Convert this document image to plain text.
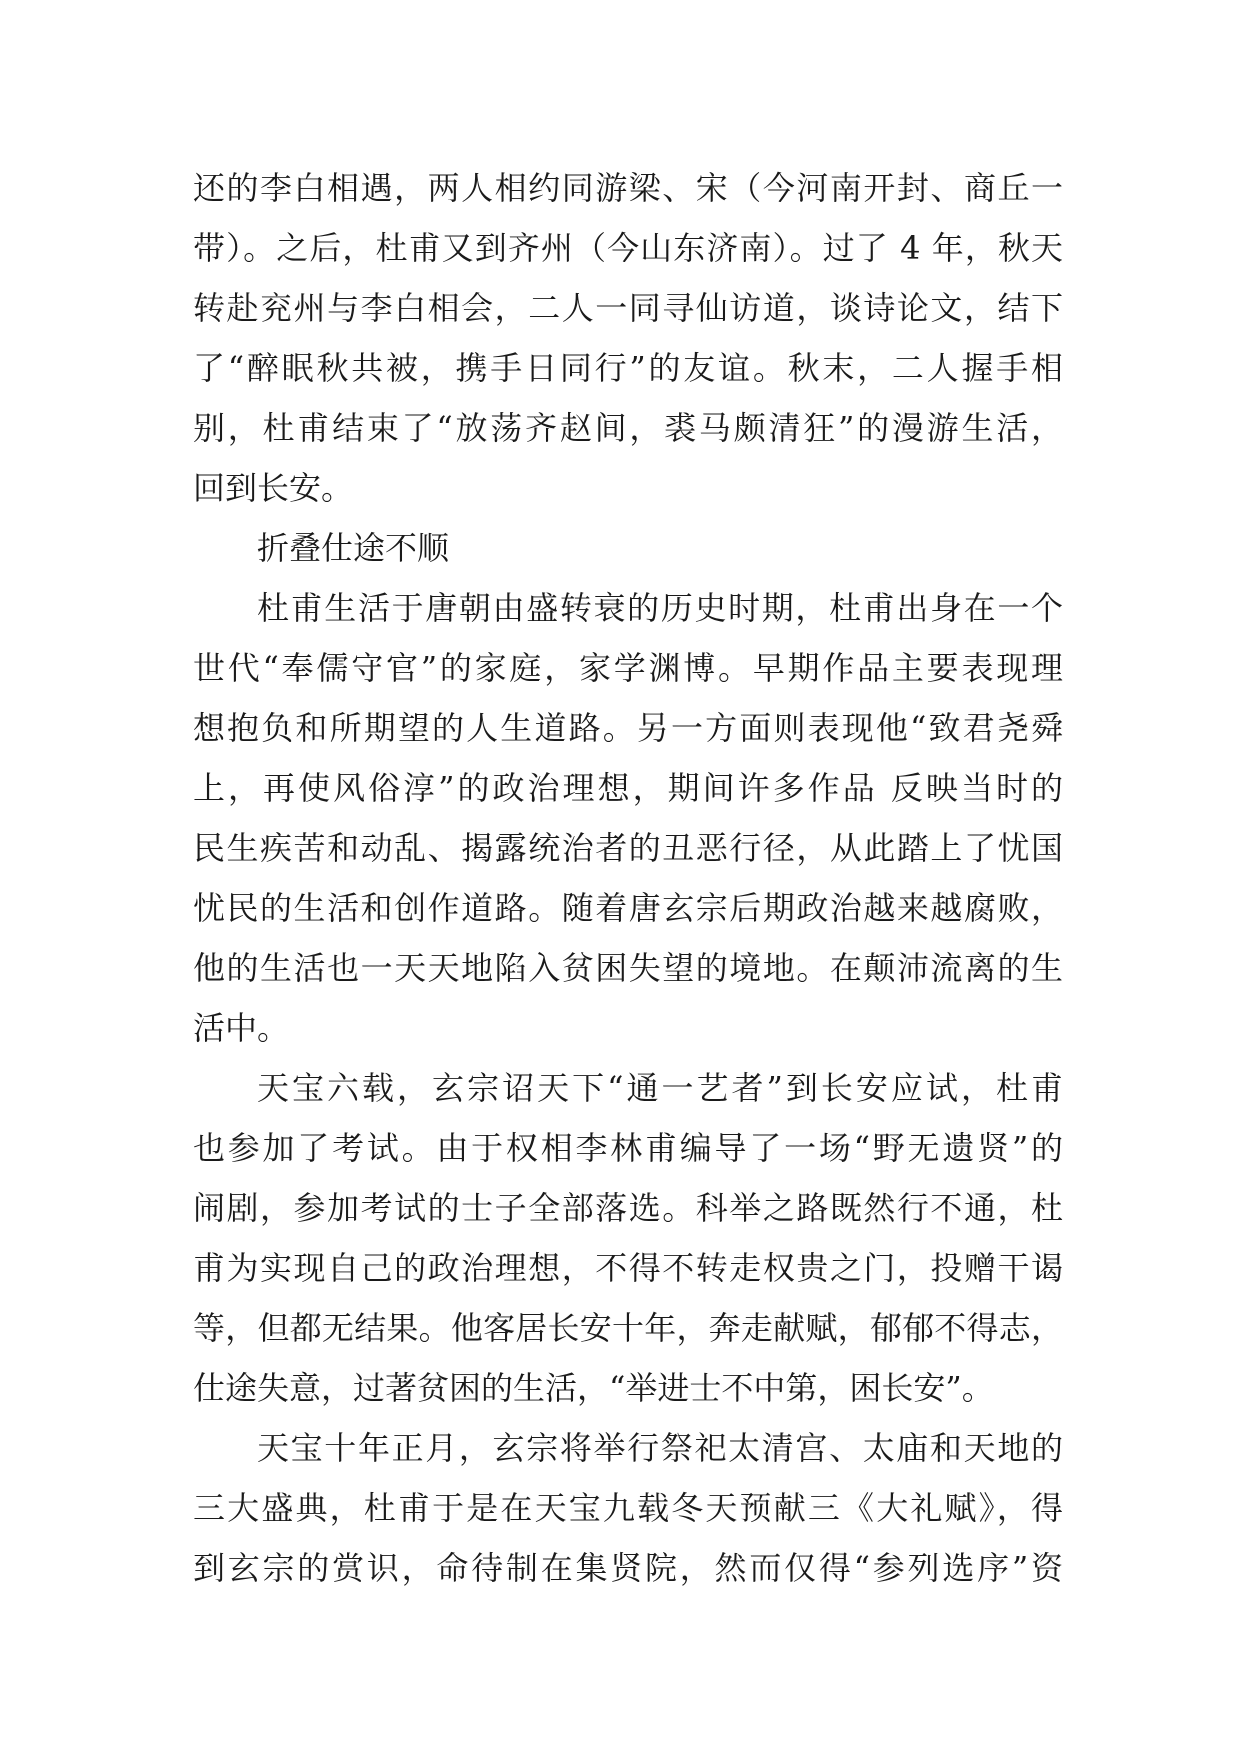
还的李白相遇，两人相约同游梁、宋（今河南开封、商丘一
带）。之后，杜甫又到齐州（今山东济南）。过了 4 年，秋天
转赴兖州与李白相会，二人一同寻仙访道，谈诗论文，结下
了“醉眠秋共被，携手日同行”的友谊。秋末，二人握手相
别，杜甫结束了“放荡齐赵间，裘马颇清狂”的漫游生活，
回到长安。
折叠仕途不顺
杜甫生活于唐朝由盛转衰的历史时期，杜甫出身在一个
世代“奉儒守官”的家庭，家学渊博。早期作品主要表现理
想抱负和所期望的人生道路。另一方面则表现他“致君尧舜
上，再使风俗淳”的政治理想，期间许多作品 反映当时的
民生疾苦和动乱、揭露统治者的丑恶行径，从此踏上了忧国
忧民的生活和创作道路。随着唐玄宗后期政治越来越腐败，
他的生活也一天天地陷入贫困失望的境地。在颠沛流离的生
活中。
天宝六载，玄宗诏天下“通一艺者”到长安应试，杜甫
也参加了考试。由于权相李林甫编导了一场“野无遗贤”的
闹剧，参加考试的士子全部落选。科举之路既然行不通，杜
甫为实现自己的政治理想，不得不转走权贵之门，投赠干谒
等，但都无结果。他客居长安十年，奔走献赋，郁郁不得志，
仕途失意，过著贫困的生活，“举进士不中第，困长安”。
天宝十年正月，玄宗将举行祭祀太清宫、太庙和天地的
三大盛典，杜甫于是在天宝九载冬天预献三《大礼赋》，得
到玄宗的赏识，命待制在集贤院，然而仅得“参列选序”资
